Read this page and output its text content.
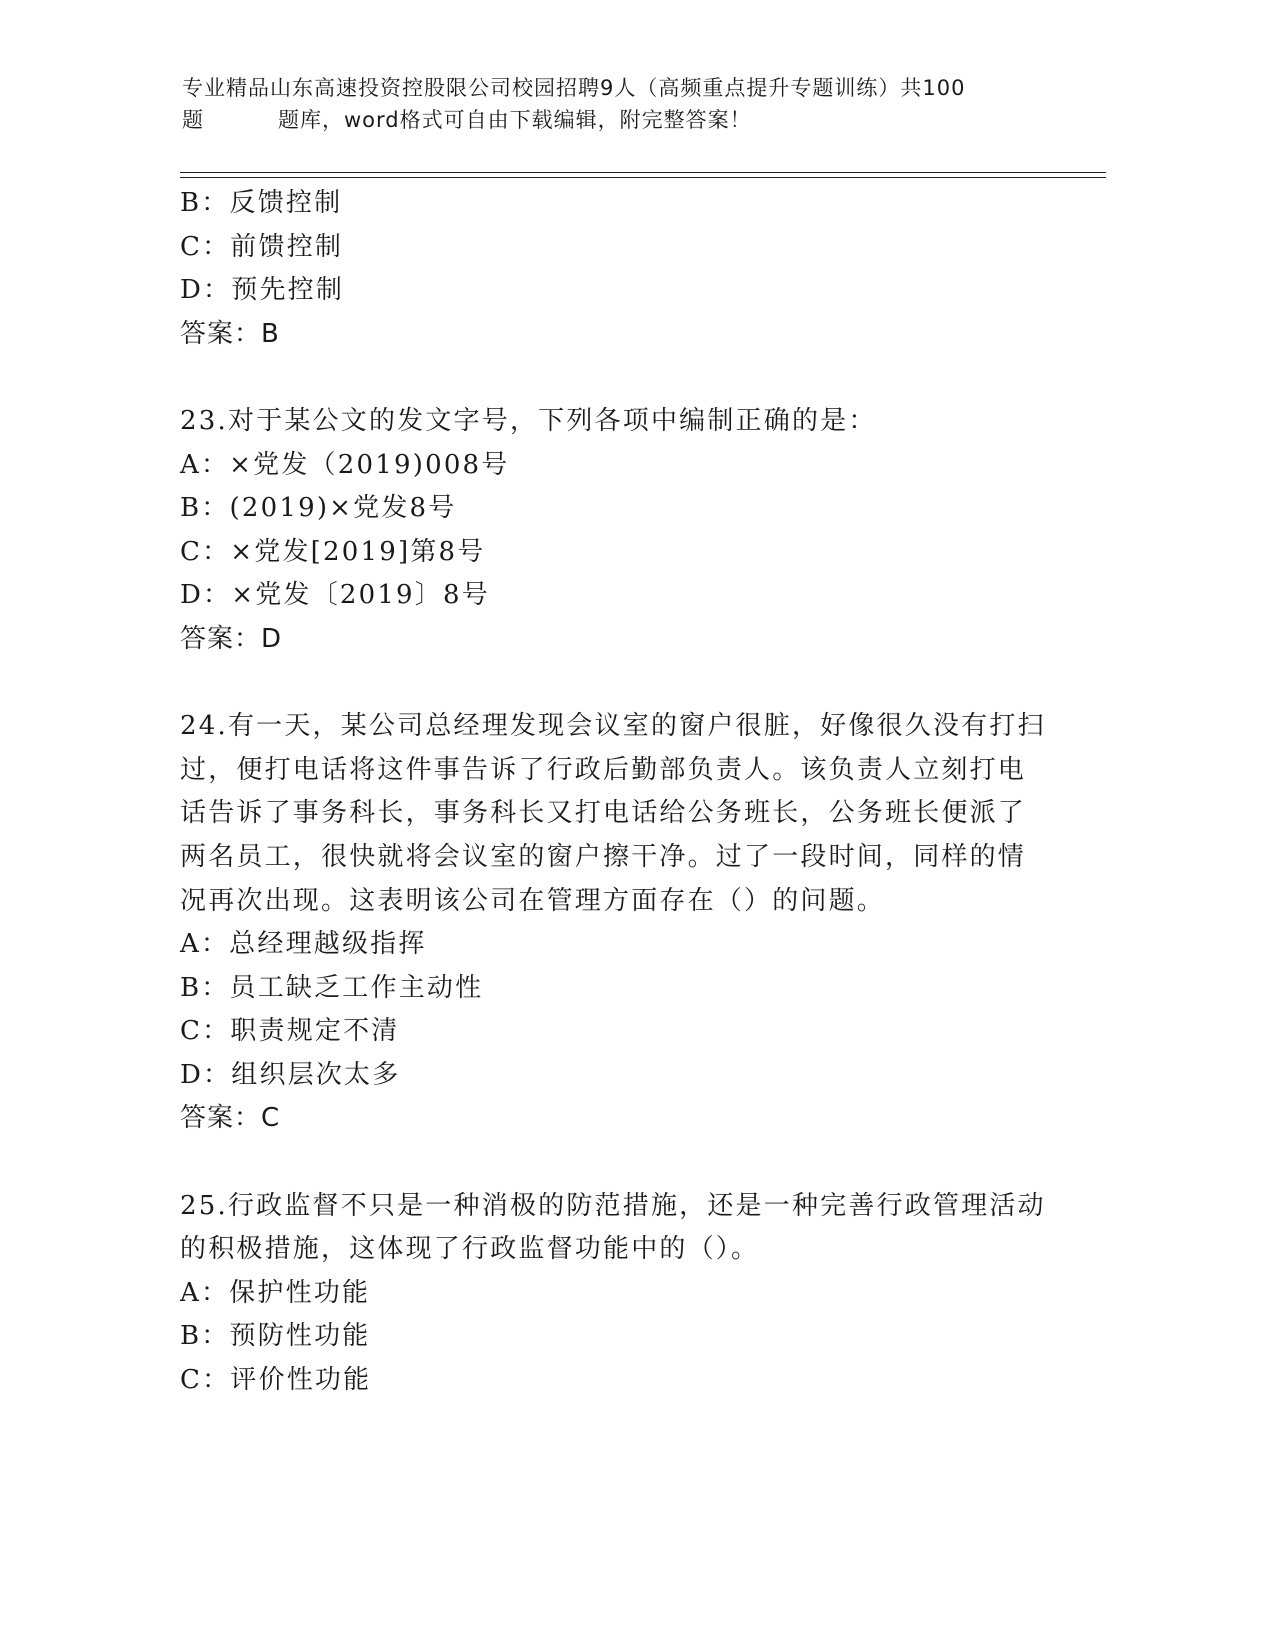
专业精品山东高速投资控股限公司校园招聘9人（高频重点提升专题训练）共100
题	题库，word格式可自由下载编辑，附完整答案！

B：反馈控制

C：前馈控制

D：预先控制

答案：B

23.对于某公文的发文字号，下列各项中编制正确的是：

A：×党发（2019)008号

B：(2019)×党发8号

C：×党发[2019]第8号

D：×党发〔2019〕8号

答案：D

24.有一天，某公司总经理发现会议室的窗户很脏，好像很久没有打扫

过，便打电话将这件事告诉了行政后勤部负责人。该负责人立刻打电

话告诉了事务科长，事务科长又打电话给公务班长，公务班长便派了

两名员工，很快就将会议室的窗户擦干净。过了一段时间，同样的情

况再次出现。这表明该公司在管理方面存在（）的问题。

A：总经理越级指挥

B：员工缺乏工作主动性

C：职责规定不清

D：组织层次太多

答案：C

25.行政监督不只是一种消极的防范措施，还是一种完善行政管理活动

的积极措施，这体现了行政监督功能中的（）。

A：保护性功能

B：预防性功能

C：评价性功能
